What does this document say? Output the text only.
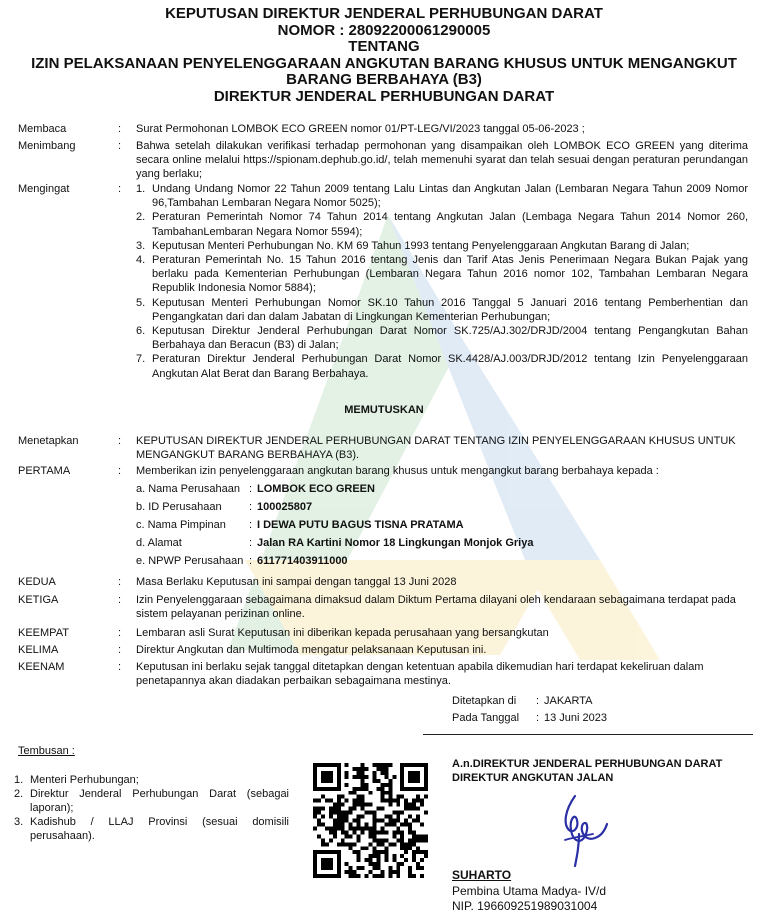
KEPUTUSAN DIREKTUR JENDERAL PERHUBUNGAN DARAT
NOMOR : 28092200061290005
TENTANG
IZIN PELAKSANAAN PENYELENGGARAAN ANGKUTAN BARANG KHUSUS UNTUK MENGANGKUT
BARANG BERBAHAYA (B3)
DIREKTUR JENDERAL PERHUBUNGAN DARAT
Membaca	: Surat Permohonan LOMBOK ECO GREEN nomor 01/PT-LEG/VI/2023 tanggal 05-06-2023 ;
Menimbang	: Bahwa setelah dilakukan verifikasi terhadap permohonan yang disampaikan oleh LOMBOK ECO GREEN yang diterima secara online melalui https://spionam.dephub.go.id/, telah memenuhi syarat dan telah sesuai dengan peraturan perundangan yang berlaku;
Mengingat	: 1. Undang Undang Nomor 22 Tahun 2009 tentang Lalu Lintas dan Angkutan Jalan (Lembaran Negara Tahun 2009 Nomor 96,Tambahan Lembaran Negara Nomor 5025);
2. Peraturan Pemerintah Nomor 74 Tahun 2014 tentang Angkutan Jalan (Lembaga Negara Tahun 2014 Nomor 260, TambahanLembaran Negara Nomor 5594);
3. Keputusan Menteri Perhubungan No. KM 69 Tahun 1993 tentang Penyelenggaraan Angkutan Barang di Jalan;
4. Peraturan Pemerintah No. 15 Tahun 2016 tentang Jenis dan Tarif Atas Jenis Penerimaan Negara Bukan Pajak yang berlaku pada Kementerian Perhubungan (Lembaran Negara Tahun 2016 nomor 102, Tambahan Lembaran Negara Republik Indonesia Nomor 5884);
5. Keputusan Menteri Perhubungan Nomor SK.10 Tahun 2016 Tanggal 5 Januari 2016 tentang Pemberhentian dan Pengangkatan dari dan dalam Jabatan di Lingkungan Kementerian Perhubungan;
6. Keputusan Direktur Jenderal Perhubungan Darat Nomor SK.725/AJ.302/DRJD/2004 tentang Pengangkutan Bahan Berbahaya dan Beracun (B3) di Jalan;
7. Peraturan Direktur Jenderal Perhubungan Darat Nomor SK.4428/AJ.003/DRJD/2012 tentang Izin Penyelenggaraan Angkutan Alat Berat dan Barang Berbahaya.
MEMUTUSKAN
Menetapkan	: KEPUTUSAN DIREKTUR JENDERAL PERHUBUNGAN DARAT TENTANG IZIN PENYELENGGARAAN KHUSUS UNTUK MENGANGKUT BARANG BERBAHAYA (B3).
PERTAMA	: Memberikan izin penyelenggaraan angkutan barang khusus untuk mengangkut barang berbahaya kepada :
a. Nama Perusahaan : LOMBOK ECO GREEN
b. ID Perusahaan : 100025807
c. Nama Pimpinan : I DEWA PUTU BAGUS TISNA PRATAMA
d. Alamat	: Jalan RA Kartini Nomor 18 Lingkungan Monjok Griya
e. NPWP Perusahaan : 611771403911000
KEDUA	: Masa Berlaku Keputusan ini sampai dengan tanggal 13 Juni 2028
KETIGA	: Izin Penyelenggaraan sebagaimana dimaksud dalam Diktum Pertama dilayani oleh kendaraan sebagaimana terdapat pada sistem pelayanan perizinan online.
KEEMPAT	: Lembaran asli Surat Keputusan ini diberikan kepada perusahaan yang bersangkutan
KELIMA	: Direktur Angkutan dan Multimoda mengatur pelaksanaan Keputusan ini.
KEENAM	: Keputusan ini berlaku sejak tanggal ditetapkan dengan ketentuan apabila dikemudian hari terdapat kekeliruan dalam penetapannya akan diadakan perbaikan sebagaimana mestinya.
Ditetapkan di : JAKARTA
Pada Tanggal : 13 Juni 2023
Tembusan :
1. Menteri Perhubungan;
2. Direktur Jenderal Perhubungan Darat (sebagai laporan);
3. Kadishub / LLAJ Provinsi (sesuai domisili perusahaan).
A.n.DIREKTUR JENDERAL PERHUBUNGAN DARAT
DIREKTUR ANGKUTAN JALAN
SUHARTO
Pembina Utama Madya- IV/d
NIP. 196609251989031004
